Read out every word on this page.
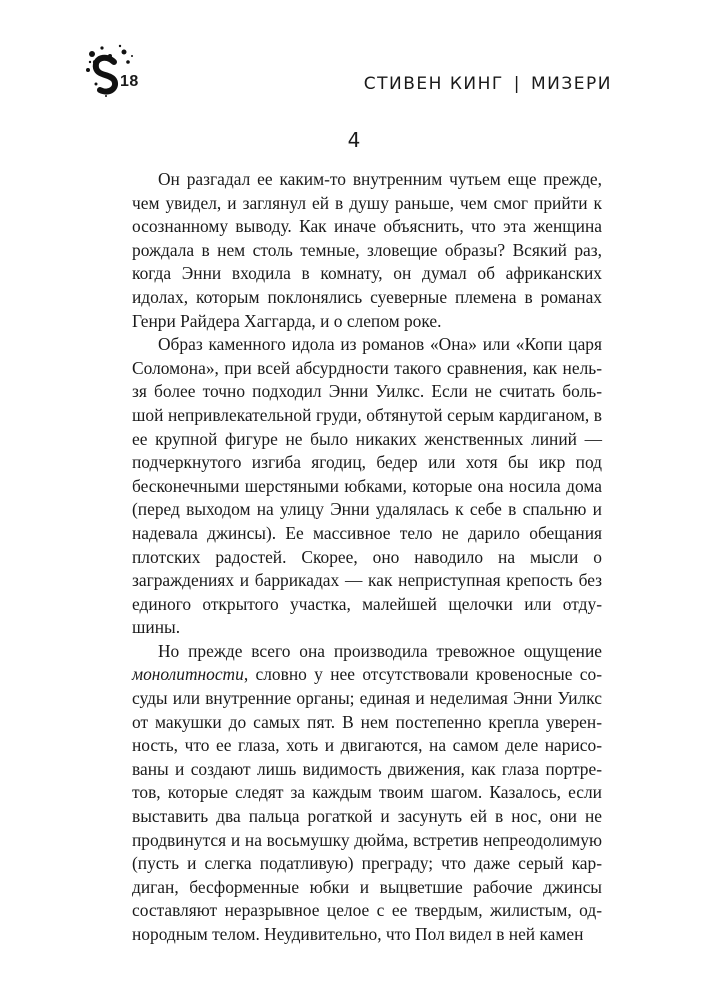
18	СТИВЕН КИНГ | МИЗЕРИ
4

Он разгадал ее каким-то внутренним чутьем еще прежде, чем увидел, и заглянул ей в душу раньше, чем смог прийти к осознанному выводу. Как иначе объяснить, что эта женщина рождала в нем столь темные, зловещие образы? Всякий раз, когда Энни входила в комнату, он думал об африканских идолах, которым поклонялись суеверные племена в романах Генри Райдера Хаггарда, и о слепом роке.

Образ каменного идола из романов «Она» или «Копи царя Соломона», при всей абсурдности такого сравнения, как нельзя более точно подходил Энни Уилкс. Если не считать большой непривлекательной груди, обтянутой серым кардиганом, в ее крупной фигуре не было никаких женственных линий — подчеркнутого изгиба ягодиц, бедер или хотя бы икр под бесконечными шерстяными юбками, которые она носила дома (перед выходом на улицу Энни удалялась к себе в спальню и надевала джинсы). Ее массивное тело не дарило обещания плотских радостей. Скорее, оно наводило на мысли о заграждениях и баррикадах — как неприступная крепость без единого открытого участка, малейшей щелочки или отдушины.

Но прежде всего она производила тревожное ощущение монолитности, словно у нее отсутствовали кровеносные сосуды или внутренние органы; единая и неделимая Энни Уилкс от макушки до самых пят. В нем постепенно крепла уверенность, что ее глаза, хоть и двигаются, на самом деле нарисованы и создают лишь видимость движения, как глаза портретов, которые следят за каждым твоим шагом. Казалось, если выставить два пальца рогаткой и засунуть ей в нос, они не продвинутся и на восьмушку дюйма, встретив непреодолимую (пусть и слегка податливую) преграду; что даже серый кардиган, бесформенные юбки и выцветшие рабочие джинсы составляют неразрывное целое с ее твердым, жилистым, однородным телом. Неудивительно, что Пол видел в ней камен
